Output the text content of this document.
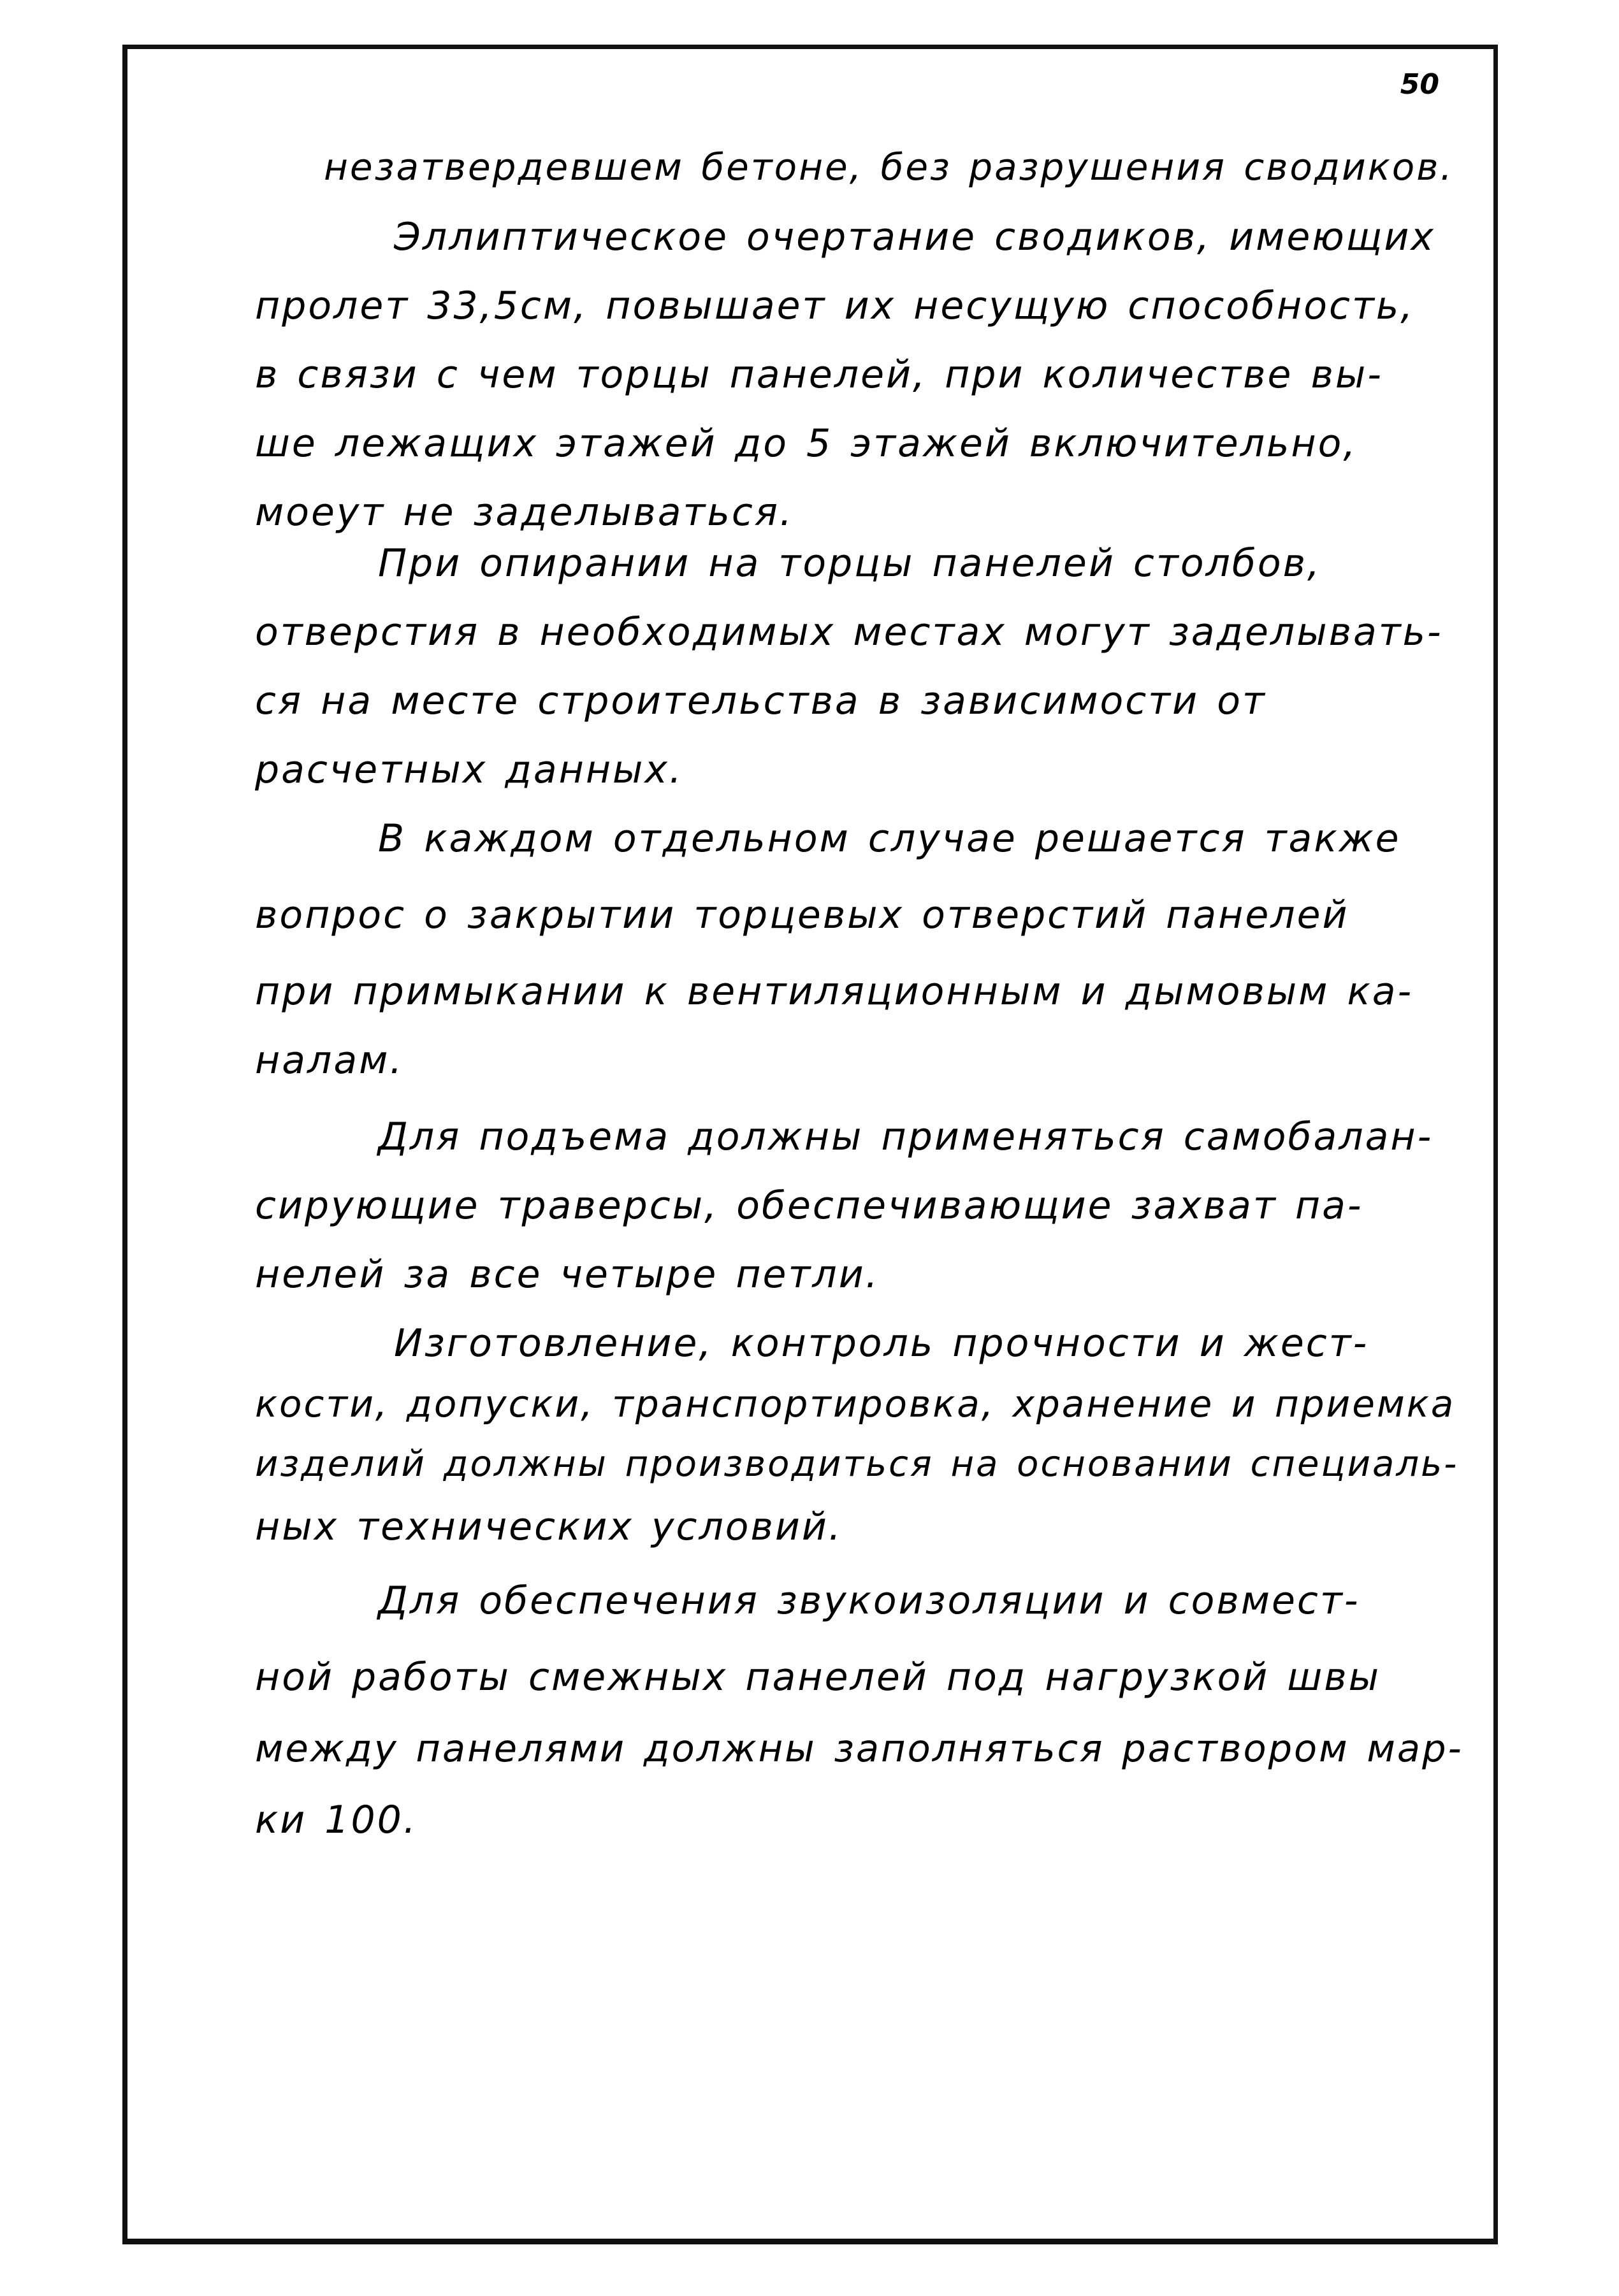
50
незатвердевшем бетоне, без разрушения сводиков.
Эллиптическое очертание сводиков, имеющих
пролет 33,5см, повышает их несущую способность,
в связи с чем торцы панелей, при количестве вы-
ше лежащих этажей до 5 этажей включительно,
моеут не заделываться.
При опирании на торцы панелей столбов,
отверстия в необходимых местах могут заделывать-
ся на месте строительства в зависимости от
расчетных данных.
В каждом отдельном случае решается также
вопрос о закрытии торцевых отверстий панелей
при примыкании к вентиляционным и дымовым ка-
налам.
Для подъема должны применяться самобалан-
сирующие траверсы, обеспечивающие захват па-
нелей за все четыре петли.
Изготовление, контроль прочности и жест-
кости, допуски, транспортировка, хранение и приемка
изделий должны производиться на основании специаль-
ных технических условий.
Для обеспечения звукоизоляции и совмест-
ной работы смежных панелей под нагрузкой швы
между панелями должны заполняться раствором мар-
ки 100.
